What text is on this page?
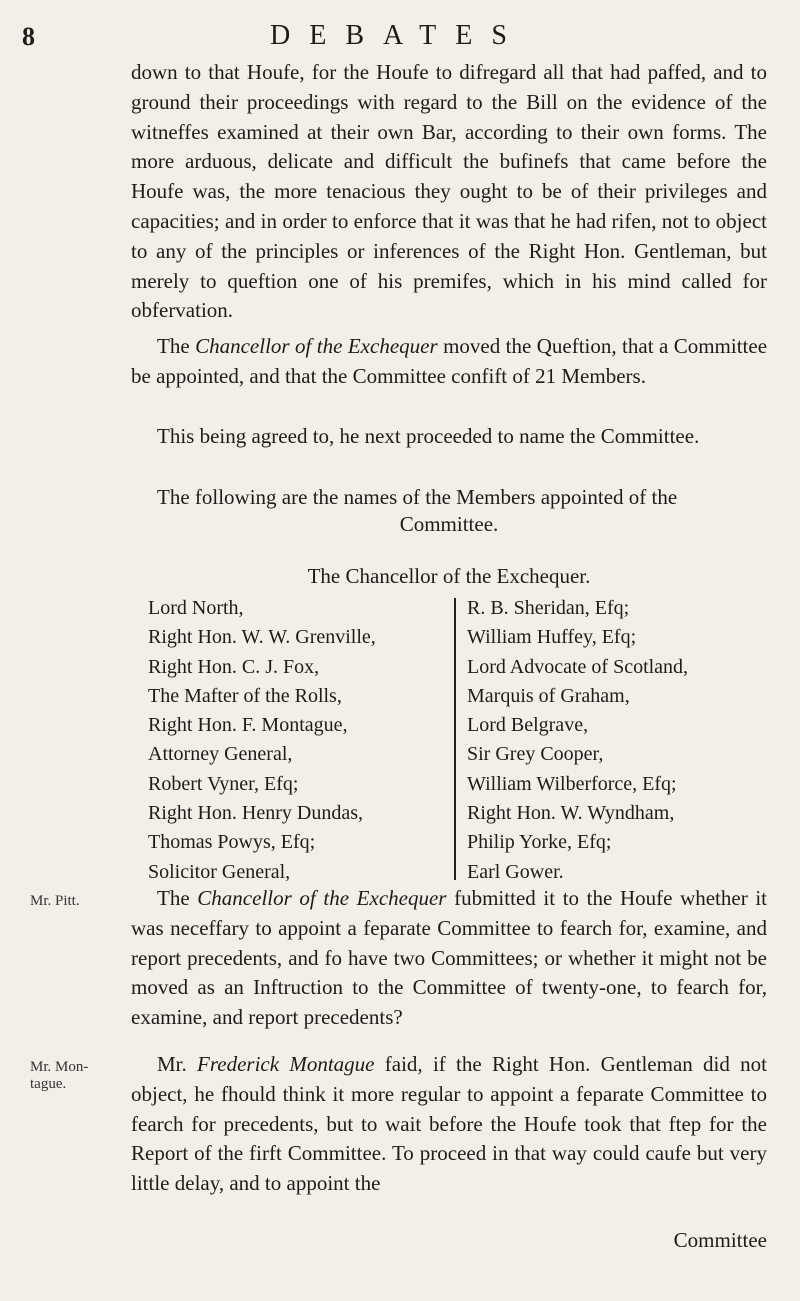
8	DEBATES

down to that Houfe, for the Houfe to difregard all that had paffed, and to ground their proceedings with regard to the Bill on the evidence of the witneffes examined at their own Bar, according to their own forms. The more arduous, delicate and difficult the bufinefs that came before the Houfe was, the more tenacious they ought to be of their privileges and capacities; and in order to enforce that it was that he had rifen, not to object to any of the principles or inferences of the Right Hon. Gentleman, but merely to queftion one of his premifes, which in his mind called for obfervation.

The Chancellor of the Exchequer moved the Queftion, that a Committee be appointed, and that the Committee confift of 21 Members.

This being agreed to, he next proceeded to name the Committee.

The following are the names of the Members appointed of the

Committee.
The Chancellor of the Exchequer.
Lord North,
Right Hon. W. W. Grenville,
Right Hon. C. J. Fox,
The Mafter of the Rolls,
Right Hon. F. Montague,
Attorney General,
Robert Vyner, Efq;
Right Hon. Henry Dundas,
Thomas Powys, Efq;
Solicitor General,
R. B. Sheridan, Efq;
William Huffey, Efq;
Lord Advocate of Scotland,
Marquis of Graham,
Lord Belgrave,
Sir Grey Cooper,
William Wilberforce, Efq;
Right Hon. W. Wyndham,
Philip Yorke, Efq;
Earl Gower.
Mr. Pitt.	The Chancellor of the Exchequer fubmitted it to the Houfe whether it was neceffary to appoint a feparate Committee to fearch for, examine, and report precedents, and fo have two Committees; or whether it might not be moved as an Inftruction to the Committee of twenty-one, to fearch for, examine, and report precedents?
Mr. Mon-
tague.
Mr. Frederick Montague faid, if the Right Hon. Gentleman did not object, he fhould think it more regular to appoint a feparate Committee to fearch for precedents, but to wait before the Houfe took that ftep for the Report of the firft Committee. To proceed in that way could caufe but very little delay, and to appoint the
Committee
